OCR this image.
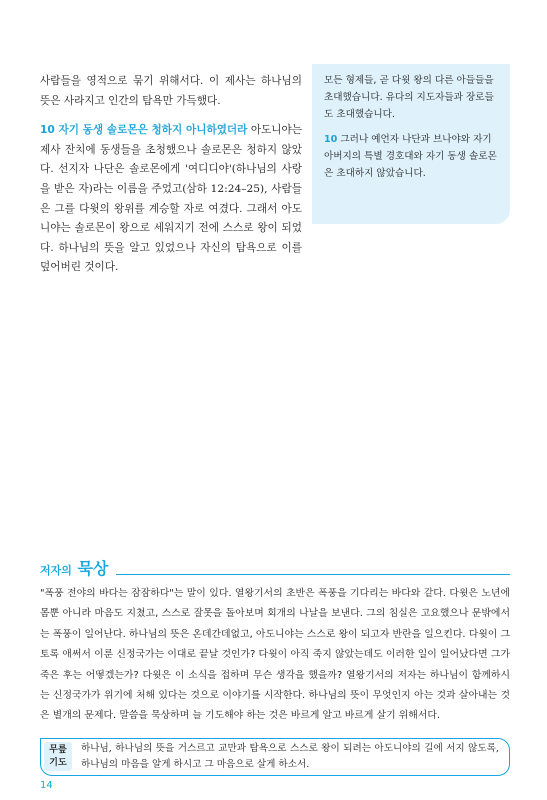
사람들을 영적으로 묶기 위해서다. 이 제사는 하나님의 뜻은 사라지고 인간의 탐욕만 가득했다.

10 자기 동생 솔로몬은 청하지 아니하였더라 아도니야는 제사 잔치에 동생들을 초청했으나 솔로몬은 청하지 않았다. 선지자 나단은 솔로몬에게 '여디디야'(하나님의 사랑을 받은 자)라는 이름을 주었고(삼하 12:24–25), 사람들은 그를 다윗의 왕위를 계승할 자로 여겼다. 그래서 아도니야는 솔로몬이 왕으로 세워지기 전에 스스로 왕이 되었다. 하나님의 뜻을 알고 있었으나 자신의 탐욕으로 이를 덮어버린 것이다.

모든 형제들, 곧 다윗 왕의 다른 아들들을 초대했습니다. 유다의 지도자들과 장로들도 초대했습니다.

10 그러나 예언자 나단과 브나야와 자기 아버지의 특별 경호대와 자기 동생 솔로몬은 초대하지 않았습니다.

저자의 묵상

"폭풍 전야의 바다는 잠잠하다"는 말이 있다. 열왕기서의 초반은 폭풍을 기다리는 바다와 같다. 다윗은 노년에 몸뿐 아니라 마음도 지쳤고, 스스로 잘못을 돌아보며 회개의 나날을 보낸다. 그의 침실은 고요했으나 문밖에서는 폭풍이 일어난다. 하나님의 뜻은 온데간데없고, 아도니야는 스스로 왕이 되고자 반란을 일으킨다. 다윗이 그토록 애써서 이룬 신정국가는 이대로 끝날 것인가? 다윗이 아직 죽지 않았는데도 이러한 일이 일어났다면 그가 죽은 후는 어떻겠는가? 다윗은 이 소식을 접하며 무슨 생각을 했을까? 열왕기서의 저자는 하나님이 함께하시는 신정국가가 위기에 처해 있다는 것으로 이야기를 시작한다. 하나님의 뜻이 무엇인지 아는 것과 살아내는 것은 별개의 문제다. 말씀을 묵상하며 늘 기도해야 하는 것은 바르게 알고 바르게 살기 위해서다.

무릎
기도
하나님, 하나님의 뜻을 거스르고 교만과 탐욕으로 스스로 왕이 되려는 아도니야의 길에 서지 않도록, 하나님의 마음을 알게 하시고 그 마음으로 살게 하소서.
14
